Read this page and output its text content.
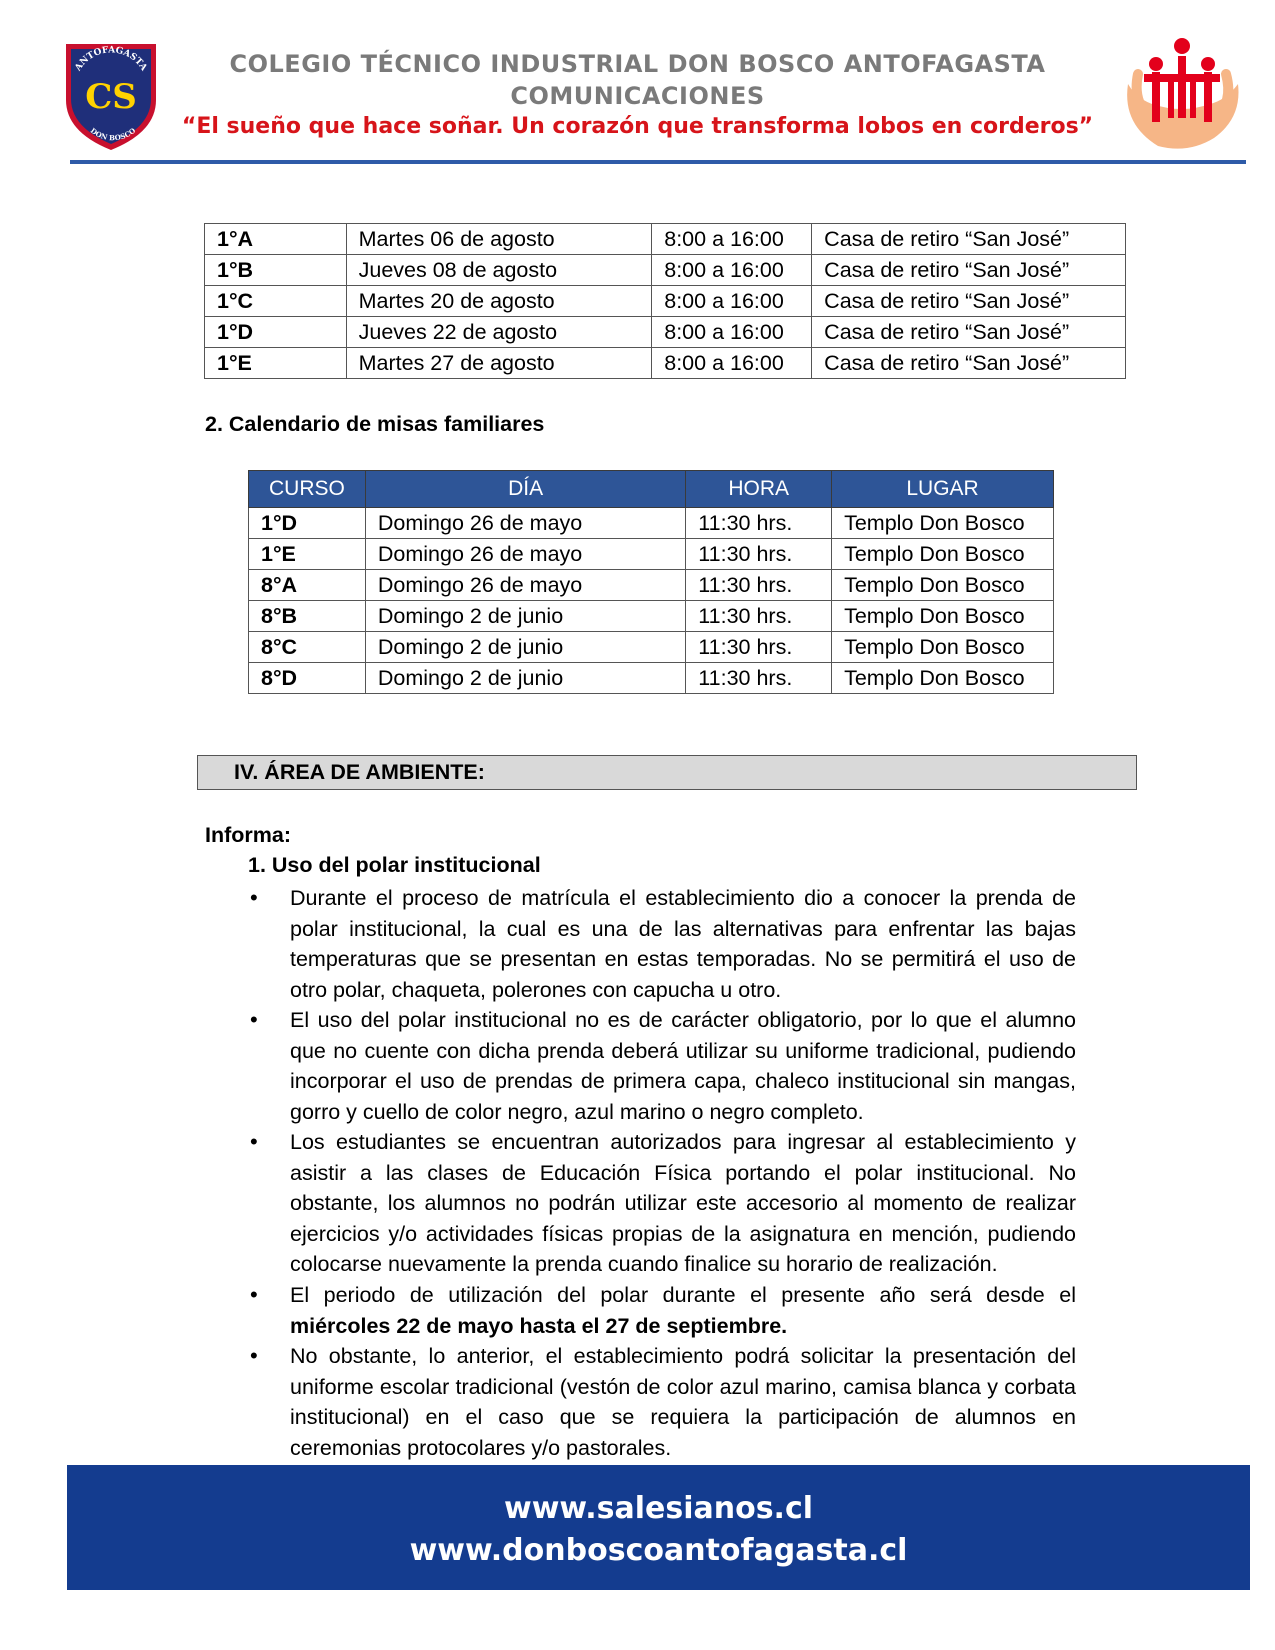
ANTOFAGASTA
CS
DON BOSCO
COLEGIO TÉCNICO INDUSTRIAL DON BOSCO ANTOFAGASTA
COMUNICACIONES
“El sueño que hace soñar. Un corazón que transforma lobos en corderos”
1°A	Martes 06 de agosto	8:00 a 16:00	Casa de retiro “San José”
1°B	Jueves 08 de agosto	8:00 a 16:00	Casa de retiro “San José”
1°C	Martes 20 de agosto	8:00 a 16:00	Casa de retiro “San José”
1°D	Jueves 22 de agosto	8:00 a 16:00	Casa de retiro “San José”
1°E	Martes 27 de agosto	8:00 a 16:00	Casa de retiro “San José”
2. Calendario de misas familiares
CURSO	DÍA	HORA	LUGAR
1°D	Domingo 26 de mayo	11:30 hrs.	Templo Don Bosco
1°E	Domingo 26 de mayo	11:30 hrs.	Templo Don Bosco
8°A	Domingo 26 de mayo	11:30 hrs.	Templo Don Bosco
8°B	Domingo 2 de junio	11:30 hrs.	Templo Don Bosco
8°C	Domingo 2 de junio	11:30 hrs.	Templo Don Bosco
8°D	Domingo 2 de junio	11:30 hrs.	Templo Don Bosco
IV. ÁREA DE AMBIENTE:
Informa:
1. Uso del polar institucional
• Durante el proceso de matrícula el establecimiento dio a conocer la prenda de polar institucional, la cual es una de las alternativas para enfrentar las bajas temperaturas que se presentan en estas temporadas. No se permitirá el uso de otro polar, chaqueta, polerones con capucha u otro.
• El uso del polar institucional no es de carácter obligatorio, por lo que el alumno que no cuente con dicha prenda deberá utilizar su uniforme tradicional, pudiendo incorporar el uso de prendas de primera capa, chaleco institucional sin mangas, gorro y cuello de color negro, azul marino o negro completo.
• Los estudiantes se encuentran autorizados para ingresar al establecimiento y asistir a las clases de Educación Física portando el polar institucional. No obstante, los alumnos no podrán utilizar este accesorio al momento de realizar ejercicios y/o actividades físicas propias de la asignatura en mención, pudiendo colocarse nuevamente la prenda cuando finalice su horario de realización.
• El periodo de utilización del polar durante el presente año será desde el miércoles 22 de mayo hasta el 27 de septiembre.
• No obstante, lo anterior, el establecimiento podrá solicitar la presentación del uniforme escolar tradicional (vestón de color azul marino, camisa blanca y corbata institucional) en el caso que se requiera la participación de alumnos en ceremonias protocolares y/o pastorales.
www.salesianos.cl
www.donboscoantofagasta.cl
